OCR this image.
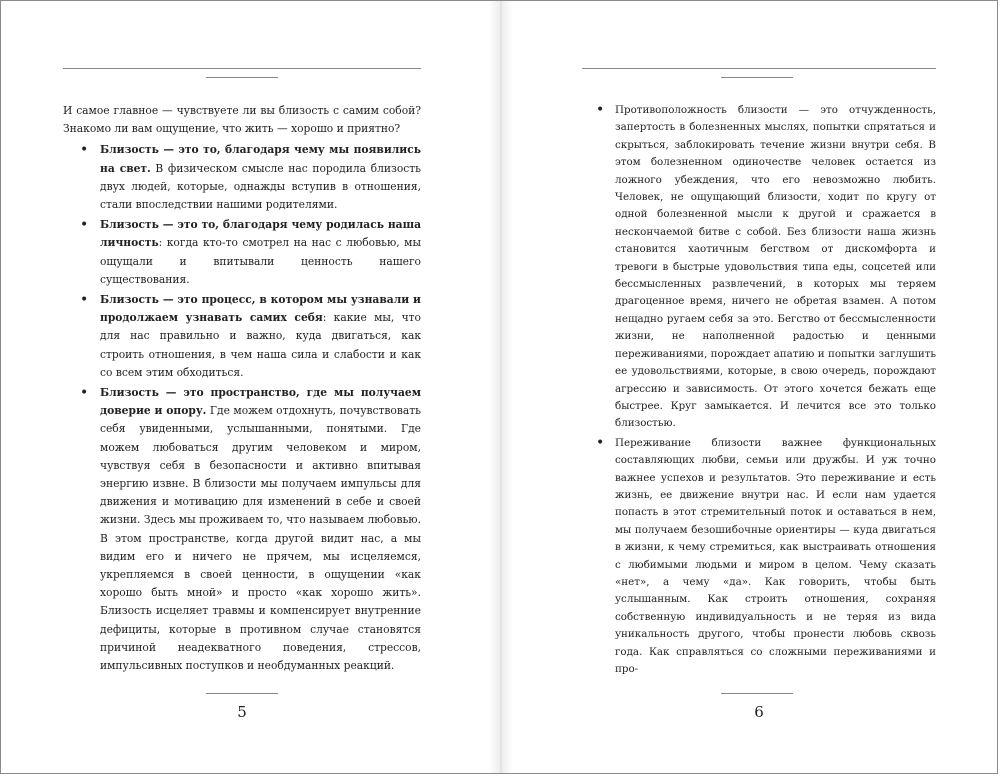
И самое главное — чувствуете ли вы близость с самим собой? Знакомо ли вам ощущение, что жить — хорошо и приятно?

• Близость — это то, благодаря чему мы появились на свет. В физическом смысле нас породила близость двух людей, которые, однажды вступив в отношения, стали впоследствии нашими родителями.
• Близость — это то, благодаря чему родилась наша личность: когда кто-то смотрел на нас с любовью, мы ощущали и впитывали ценность нашего существования.
• Близость — это процесс, в котором мы узнавали и продолжаем узнавать самих себя: какие мы, что для нас правильно и важно, куда двигаться, как строить отношения, в чем наша сила и слабости и как со всем этим обходиться.
• Близость — это пространство, где мы получаем доверие и опору. Где можем отдохнуть, почувствовать себя увиденными, услышанными, понятыми. Где можем любоваться другим человеком и миром, чувствуя себя в безопасности и активно впитывая энергию извне. В близости мы получаем импульсы для движения и мотивацию для изменений в себе и своей жизни. Здесь мы проживаем то, что называем любовью. В этом пространстве, когда другой видит нас, а мы видим его и ничего не прячем, мы исцеляемся, укрепляемся в своей ценности, в ощущении «как хорошо быть мной» и просто «как хорошо жить». Близость исцеляет травмы и компенсирует внутренние дефициты, которые в противном случае становятся причиной неадекватного поведения, стрессов, импульсивных поступков и необдуманных реакций.
5
• Противоположность близости — это отчужденность, запертость в болезненных мыслях, попытки спрятаться и скрыться, заблокировать течение жизни внутри себя. В этом болезненном одиночестве человек остается из ложного убеждения, что его невозможно любить. Человек, не ощущающий близости, ходит по кругу от одной болезненной мысли к другой и сражается в нескончаемой битве с собой. Без близости наша жизнь становится хаотичным бегством от дискомфорта и тревоги в быстрые удовольствия типа еды, соцсетей или бессмысленных развлечений, в которых мы теряем драгоценное время, ничего не обретая взамен. А потом нещадно ругаем себя за это. Бегство от бессмысленности жизни, не наполненной радостью и ценными переживаниями, порождает апатию и попытки заглушить ее удовольствиями, которые, в свою очередь, порождают агрессию и зависимость. От этого хочется бежать еще быстрее. Круг замыкается. И лечится все это только близостью.
• Переживание близости важнее функциональных составляющих любви, семьи или дружбы. И уж точно важнее успехов и результатов. Это переживание и есть жизнь, ее движение внутри нас. И если нам удается попасть в этот стремительный поток и оставаться в нем, мы получаем безошибочные ориентиры — куда двигаться в жизни, к чему стремиться, как выстраивать отношения с любимыми людьми и миром в целом. Чему сказать «нет», а чему «да». Как говорить, чтобы быть услышанным. Как строить отношения, сохраняя собственную индивидуальность и не теряя из вида уникальность другого, чтобы пронести любовь сквозь года. Как справляться со сложными переживаниями и про-
6
